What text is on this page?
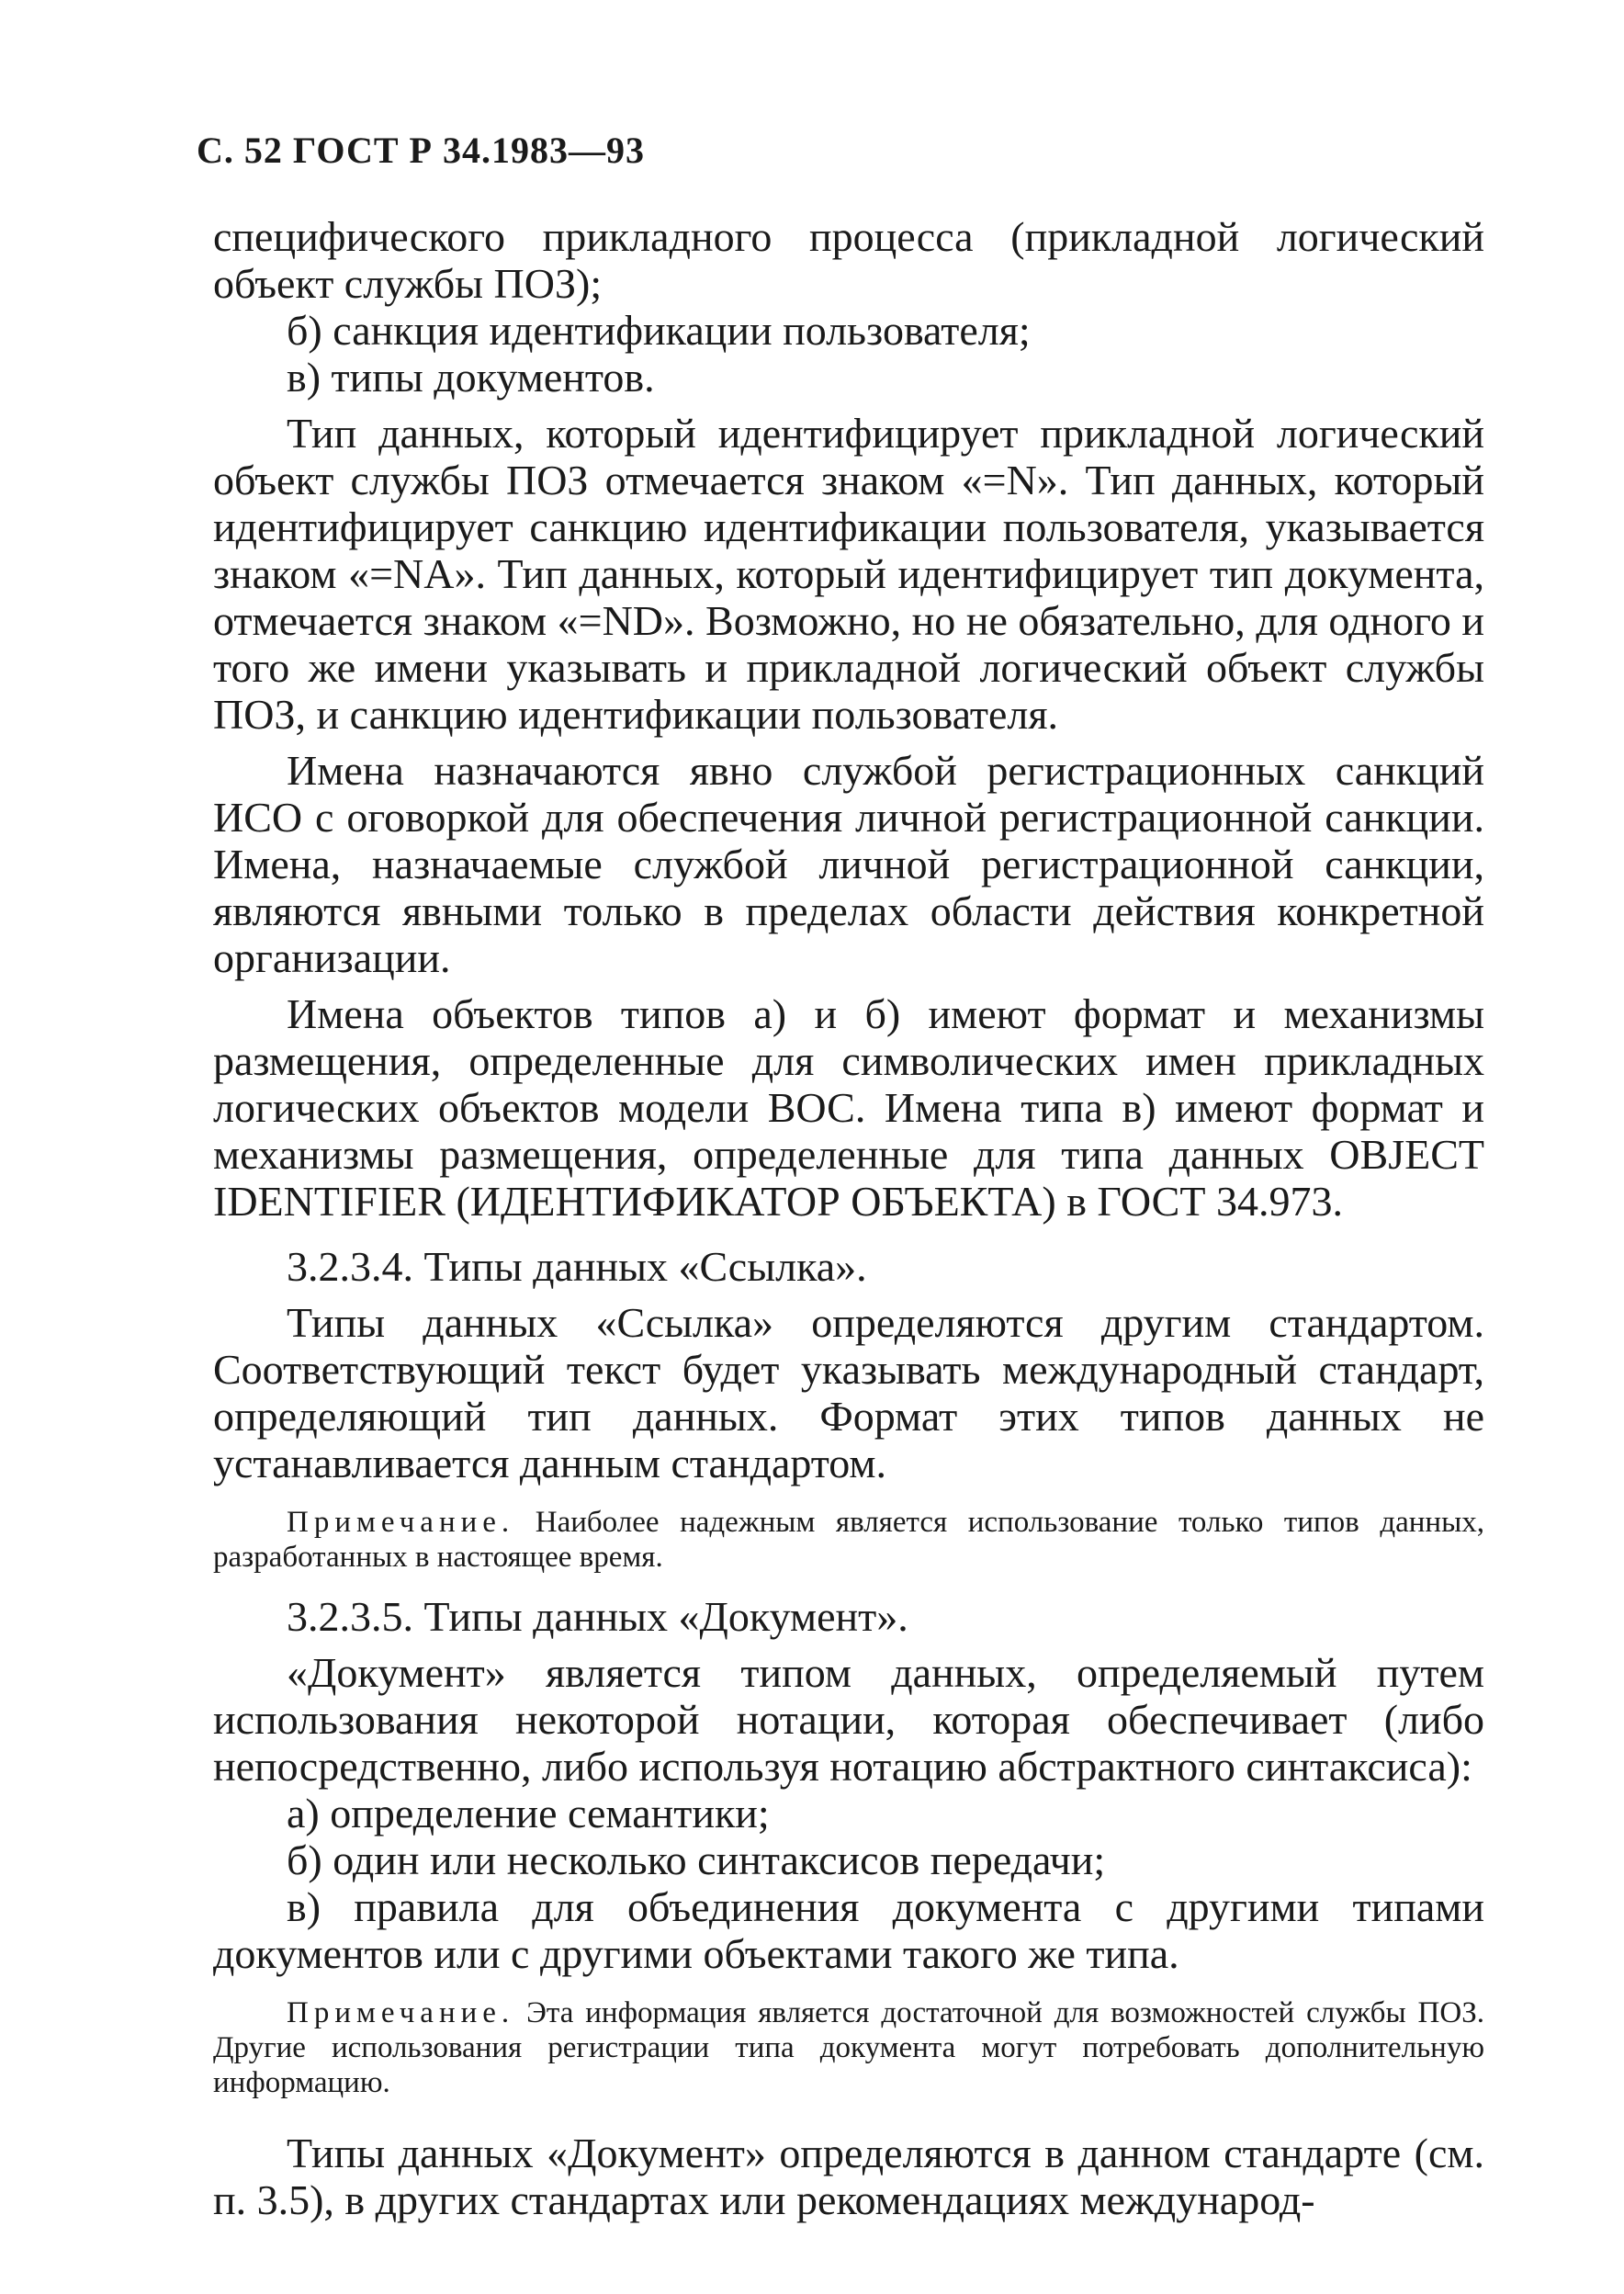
С. 52 ГОСТ Р 34.1983—93

специфического прикладного процесса (прикладной логический объект службы ПОЗ);

б) санкция идентификации пользователя;

в) типы документов.

Тип данных, который идентифицирует прикладной логический объект службы ПОЗ отмечается знаком «=N». Тип данных, который идентифицирует санкцию идентификации пользователя, указывается знаком «=NA». Тип данных, который идентифицирует тип документа, отмечается знаком «=ND». Возможно, но не обязательно, для одного и того же имени указывать и прикладной логический объект службы ПОЗ, и санкцию идентификации пользователя.

Имена назначаются явно службой регистрационных санкций ИСО с оговоркой для обеспечения личной регистрационной санкции. Имена, назначаемые службой личной регистрационной санкции, являются явными только в пределах области действия конкретной организации.

Имена объектов типов а) и б) имеют формат и механизмы размещения, определенные для символических имен прикладных логических объектов модели ВОС. Имена типа в) имеют формат и механизмы размещения, определенные для типа данных OBJECT IDENTIFIER (ИДЕНТИФИКАТОР ОБЪЕКТА) в ГОСТ 34.973.

3.2.3.4. Типы данных «Ссылка».

Типы данных «Ссылка» определяются другим стандартом. Соответствующий текст будет указывать международный стандарт, определяющий тип данных. Формат этих типов данных не устанавливается данным стандартом.

Примечание. Наиболее надежным является использование только типов данных, разработанных в настоящее время.

3.2.3.5. Типы данных «Документ».

«Документ» является типом данных, определяемый путем использования некоторой нотации, которая обеспечивает (либо непосредственно, либо используя нотацию абстрактного синтаксиса):

а) определение семантики;

б) один или несколько синтаксисов передачи;

в) правила для объединения документа с другими типами документов или с другими объектами такого же типа.

Примечание. Эта информация является достаточной для возможностей службы ПОЗ. Другие использования регистрации типа документа могут потребовать дополнительную информацию.

Типы данных «Документ» определяются в данном стандарте (см. п. 3.5), в других стандартах или рекомендациях международ-
